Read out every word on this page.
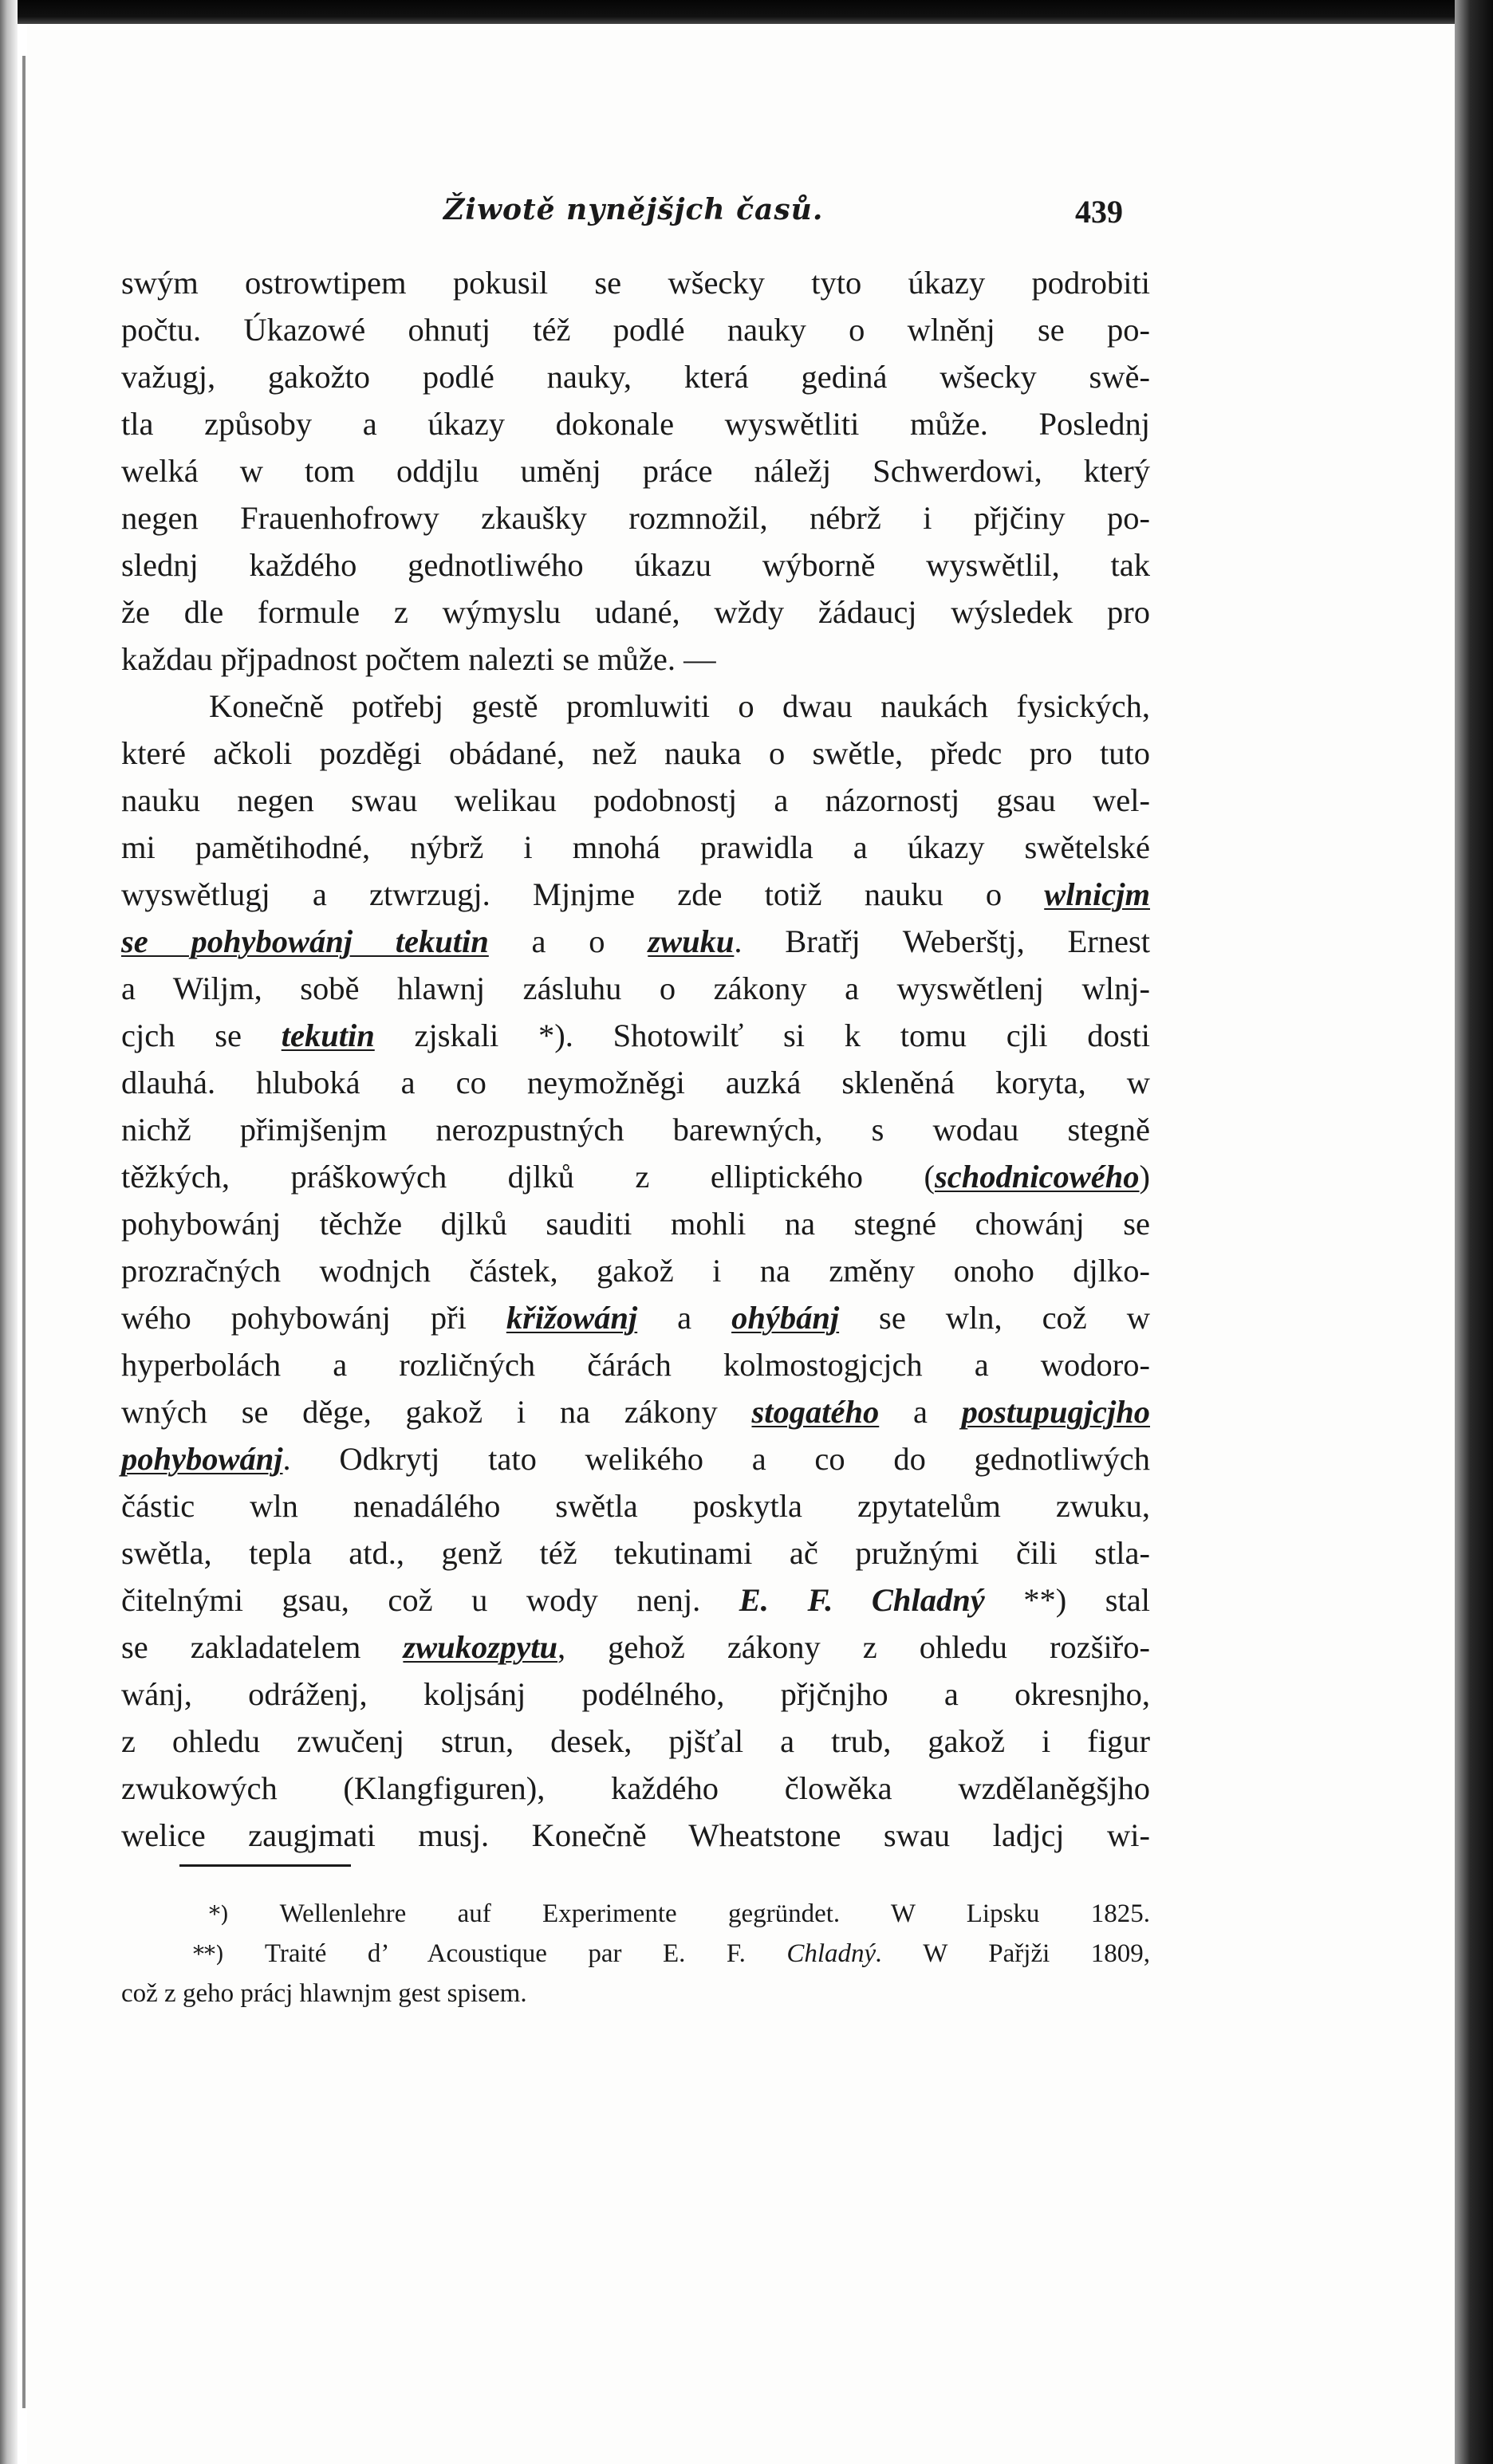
Žiwotě nynějšjch časů.	439
swým ostrowtipem pokusil se wšecky tyto úkazy podrobiti
počtu. Úkazowé ohnutj též podlé nauky o wlněnj se po-
važugj, gakožto podlé nauky, která gediná wšecky swě-
tla způsoby a úkazy dokonale wyswětliti může. Poslednj
welká w tom oddjlu uměnj práce náležj Schwerdowi, který
negen Frauenhofrowy zkaušky rozmnožil, nébrž i přjčiny po-
slednj každého gednotliwého úkazu wýborně wyswětlil, tak
že dle formule z wýmyslu udané, wždy žádaucj wýsledek pro
každau přjpadnost počtem nalezti se může. —
Konečně potřebj gestě promluwiti o dwau naukách fysických,
které ačkoli pozděgi obádané, než nauka o swětle, předc pro tuto
nauku negen swau welikau podobnostj a názornostj gsau wel-
mi pamětihodné, nýbrž i mnohá prawidla a úkazy swětelské
wyswětlugj a ztwrzugj. Mjnjme zde totiž nauku o wlnicjm
se pohybowánj tekutin a o zwuku. Bratřj Weberštj, Ernest
a Wiljm, sobě hlawnj zásluhu o zákony a wyswětlenj wlnj-
cjch se tekutin zjskali *). Shotowilť si k tomu cjli dosti
dlauhá. hluboká a co neymožněgi auzká skleněná koryta, w
nichž přimjšenjm nerozpustných barewných, s wodau stegně
těžkých, práškowých djlků z elliptického (schodnicowého)
pohybowánj těchže djlků sauditi mohli na stegné chowánj se
prozračných wodnjch částek, gakož i na změny onoho djlko-
wého pohybowánj při křižowánj a ohýbánj se wln, což w
hyperbolách a rozličných čárách kolmostogjcjch a wodoro-
wných se děge, gakož i na zákony stogatého a postupugjcjho
pohybowánj. Odkrytj tato welikého a co do gednotliwých
částic wln nenadálého swětla poskytla zpytatelům zwuku,
swětla, tepla atd., genž též tekutinami ač pružnými čili stla-
čitelnými gsau, což u wody nenj. E. F. Chladný **) stal
se zakladatelem zwukozpytu, gehož zákony z ohledu rozšiřo-
wánj, odráženj, koljsánj podélného, přjčnjho a okresnjho,
z ohledu zwučenj strun, desek, pjšťal a trub, gakož i figur
zwukowých (Klangfiguren), každého člowěka wzdělaněgšjho
welice zaugjmati musj. Konečně Wheatstone swau ladjcj wi-
*) Wellenlehre auf Experimente gegründet. W Lipsku 1825.
**) Traité d’ Acoustique par E. F. Chladný. W Pařjži 1809,
což z geho prácj hlawnjm gest spisem.
